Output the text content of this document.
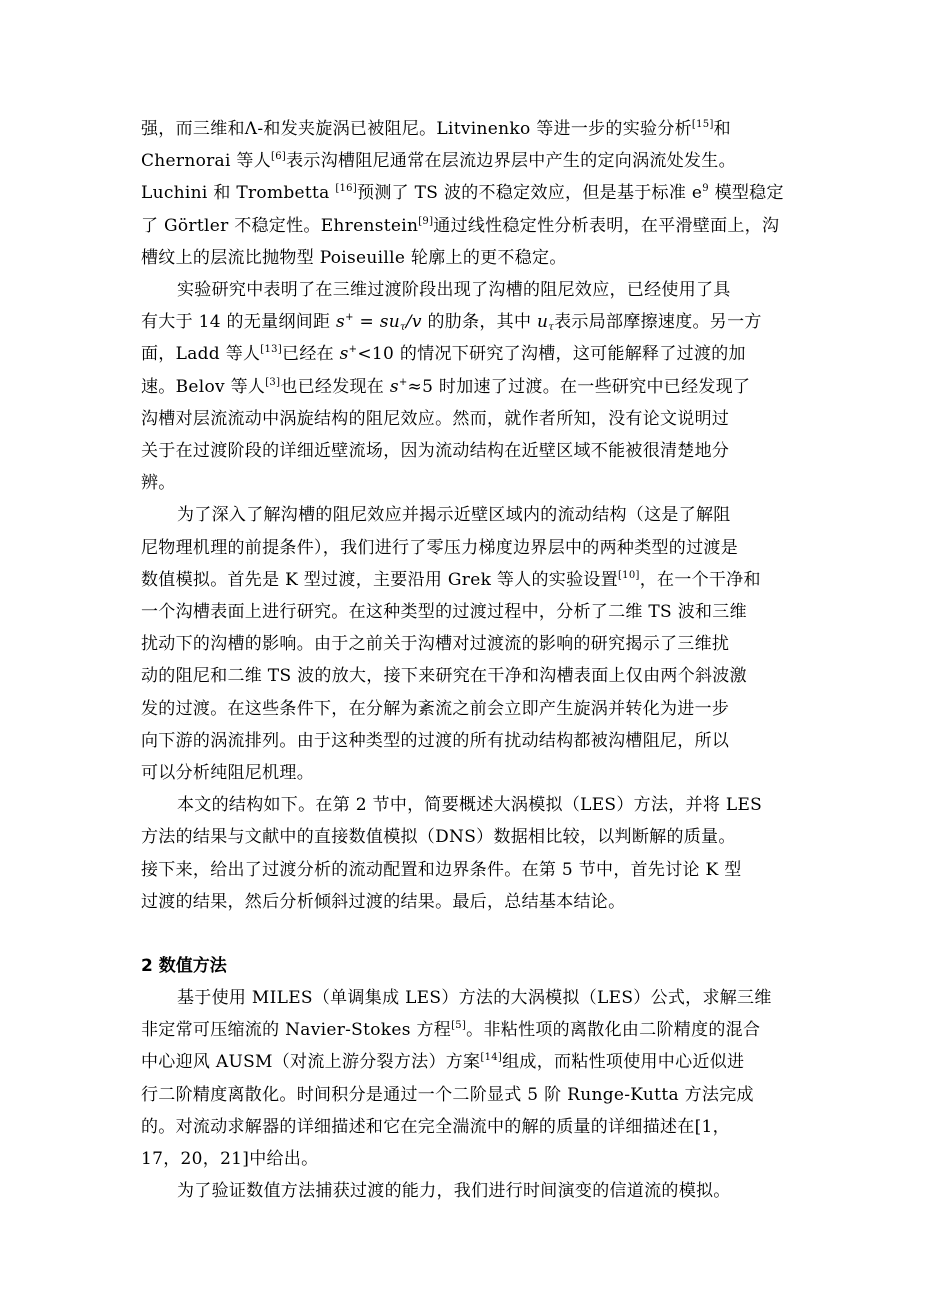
强，而三维和Λ-和发夹旋涡已被阻尼。Litvinenko 等进一步的实验分析[15]和
Chernorai 等人[6]表示沟槽阻尼通常在层流边界层中产生的定向涡流处发生。
Luchini 和 Trombetta [16]预测了 TS 波的不稳定效应，但是基于标准 $e^9$ 模型稳定
了 Görtler 不稳定性。Ehrenstein[9]通过线性稳定性分析表明，在平滑壁面上，沟
槽纹上的层流比抛物型 Poiseuille 轮廓上的更不稳定。

实验研究中表明了在三维过渡阶段出现了沟槽的阻尼效应，已经使用了具
有大于 14 的无量纲间距 $s^+ = su_\tau/v$ 的肋条，其中 $u_\tau$表示局部摩擦速度。另一方
面，Ladd 等人[13]已经在 s+<10 的情况下研究了沟槽，这可能解释了过渡的加
速。Belov 等人[3]也已经发现在 s+≈5 时加速了过渡。在一些研究中已经发现了
沟槽对层流流动中涡旋结构的阻尼效应。然而，就作者所知，没有论文说明过
关于在过渡阶段的详细近壁流场，因为流动结构在近壁区域不能被很清楚地分
辨。

为了深入了解沟槽的阻尼效应并揭示近壁区域内的流动结构（这是了解阻
尼物理机理的前提条件），我们进行了零压力梯度边界层中的两种类型的过渡是
数值模拟。首先是 K 型过渡，主要沿用 Grek 等人的实验设置[10]，在一个干净和
一个沟槽表面上进行研究。在这种类型的过渡过程中，分析了二维 TS 波和三维
扰动下的沟槽的影响。由于之前关于沟槽对过渡流的影响的研究揭示了三维扰
动的阻尼和二维 TS 波的放大，接下来研究在干净和沟槽表面上仅由两个斜波激
发的过渡。在这些条件下，在分解为紊流之前会立即产生旋涡并转化为进一步
向下游的涡流排列。由于这种类型的过渡的所有扰动结构都被沟槽阻尼，所以
可以分析纯阻尼机理。

本文的结构如下。在第 2 节中，简要概述大涡模拟（LES）方法，并将 LES
方法的结果与文献中的直接数值模拟（DNS）数据相比较，以判断解的质量。
接下来，给出了过渡分析的流动配置和边界条件。在第 5 节中，首先讨论 K 型
过渡的结果，然后分析倾斜过渡的结果。最后，总结基本结论。

2 数值方法

基于使用 MILES（单调集成 LES）方法的大涡模拟（LES）公式，求解三维
非定常可压缩流的 Navier-Stokes 方程[5]。非粘性项的离散化由二阶精度的混合
中心迎风 AUSM（对流上游分裂方法）方案[14]组成，而粘性项使用中心近似进
行二阶精度离散化。时间积分是通过一个二阶显式 5 阶 Runge-Kutta 方法完成
的。对流动求解器的详细描述和它在完全湍流中的解的质量的详细描述在[1，
17，20，21]中给出。

为了验证数值方法捕获过渡的能力，我们进行时间演变的信道流的模拟。
